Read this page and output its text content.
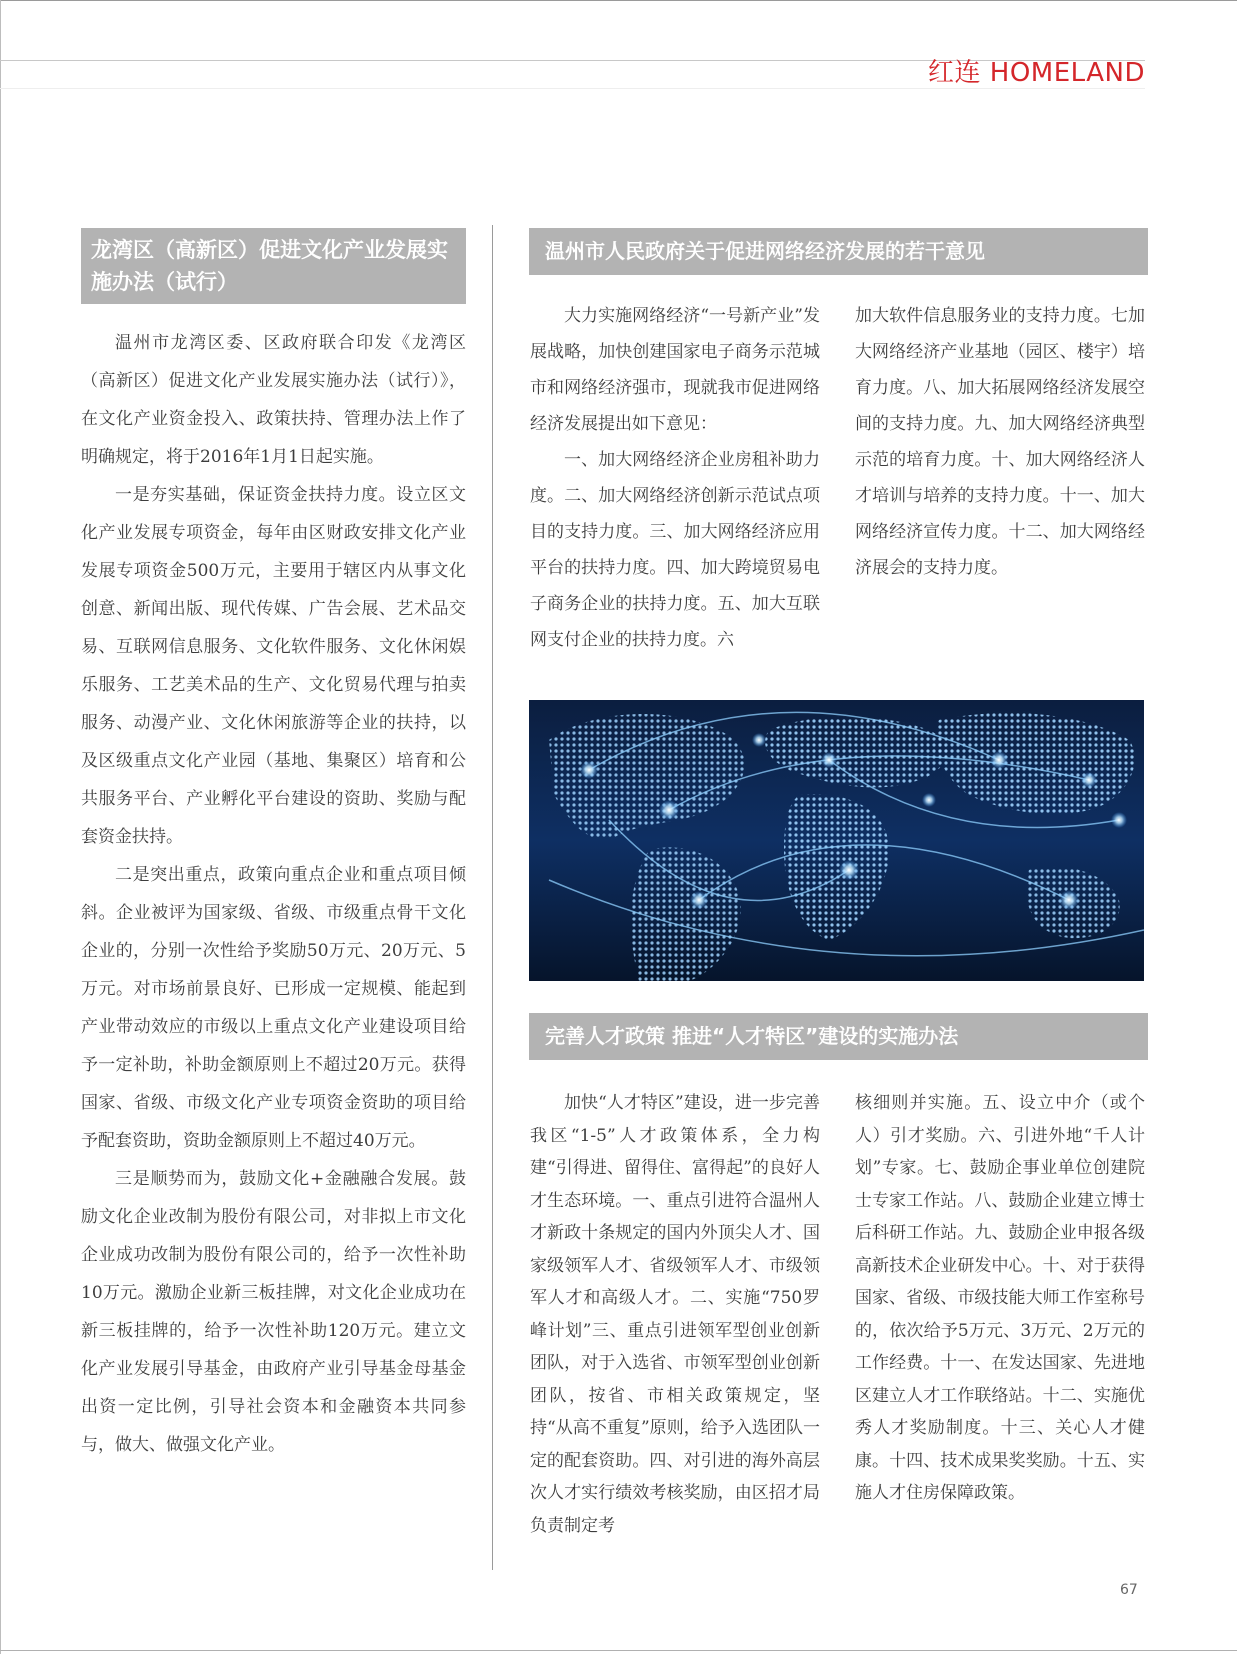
红连 HOMELAND
龙湾区（高新区）促进文化产业发展实施办法（试行）

温州市龙湾区委、区政府联合印发《龙湾区（高新区）促进文化产业发展实施办法（试行）》，在文化产业资金投入、政策扶持、管理办法上作了明确规定，将于2016年1月1日起实施。

一是夯实基础，保证资金扶持力度。设立区文化产业发展专项资金，每年由区财政安排文化产业发展专项资金500万元，主要用于辖区内从事文化创意、新闻出版、现代传媒、广告会展、艺术品交易、互联网信息服务、文化软件服务、文化休闲娱乐服务、工艺美术品的生产、文化贸易代理与拍卖服务、动漫产业、文化休闲旅游等企业的扶持，以及区级重点文化产业园（基地、集聚区）培育和公共服务平台、产业孵化平台建设的资助、奖励与配套资金扶持。

二是突出重点，政策向重点企业和重点项目倾斜。企业被评为国家级、省级、市级重点骨干文化企业的，分别一次性给予奖励50万元、20万元、5万元。对市场前景良好、已形成一定规模、能起到产业带动效应的市级以上重点文化产业建设项目给予一定补助，补助金额原则上不超过20万元。获得国家、省级、市级文化产业专项资金资助的项目给予配套资助，资助金额原则上不超过40万元。

三是顺势而为，鼓励文化+金融融合发展。鼓励文化企业改制为股份有限公司，对非拟上市文化企业成功改制为股份有限公司的，给予一次性补助10万元。激励企业新三板挂牌，对文化企业成功在新三板挂牌的，给予一次性补助120万元。建立文化产业发展引导基金，由政府产业引导基金母基金出资一定比例，引导社会资本和金融资本共同参与，做大、做强文化产业。

温州市人民政府关于促进网络经济发展的若干意见

大力实施网络经济“一号新产业”发展战略，加快创建国家电子商务示范城市和网络经济强市，现就我市促进网络经济发展提出如下意见：

一、加大网络经济企业房租补助力度。二、加大网络经济创新示范试点项目的支持力度。三、加大网络经济应用平台的扶持力度。四、加大跨境贸易电子商务企业的扶持力度。五、加大互联网支付企业的扶持力度。六

加大软件信息服务业的支持力度。七加大网络经济产业基地（园区、楼宇）培育力度。八、加大拓展网络经济发展空间的支持力度。九、加大网络经济典型示范的培育力度。十、加大网络经济人才培训与培养的支持力度。十一、加大网络经济宣传力度。十二、加大网络经济展会的支持力度。

完善人才政策 推进“人才特区”建设的实施办法

加快“人才特区”建设，进一步完善我区“1-5”人才政策体系，全力构建“引得进、留得住、富得起”的良好人才生态环境。一、重点引进符合温州人才新政十条规定的国内外顶尖人才、国家级领军人才、省级领军人才、市级领军人才和高级人才。二、实施“750罗峰计划”三、重点引进领军型创业创新团队，对于入选省、市领军型创业创新团队，按省、市相关政策规定，坚持“从高不重复”原则，给予入选团队一定的配套资助。四、对引进的海外高层次人才实行绩效考核奖励，由区招才局负责制定考

核细则并实施。五、设立中介（或个人）引才奖励。六、引进外地“千人计划”专家。七、鼓励企事业单位创建院士专家工作站。八、鼓励企业建立博士后科研工作站。九、鼓励企业申报各级高新技术企业研发中心。十、对于获得国家、省级、市级技能大师工作室称号的，依次给予5万元、3万元、2万元的工作经费。十一、在发达国家、先进地区建立人才工作联络站。十二、实施优秀人才奖励制度。十三、关心人才健康。十四、技术成果奖奖励。十五、实施人才住房保障政策。

67
